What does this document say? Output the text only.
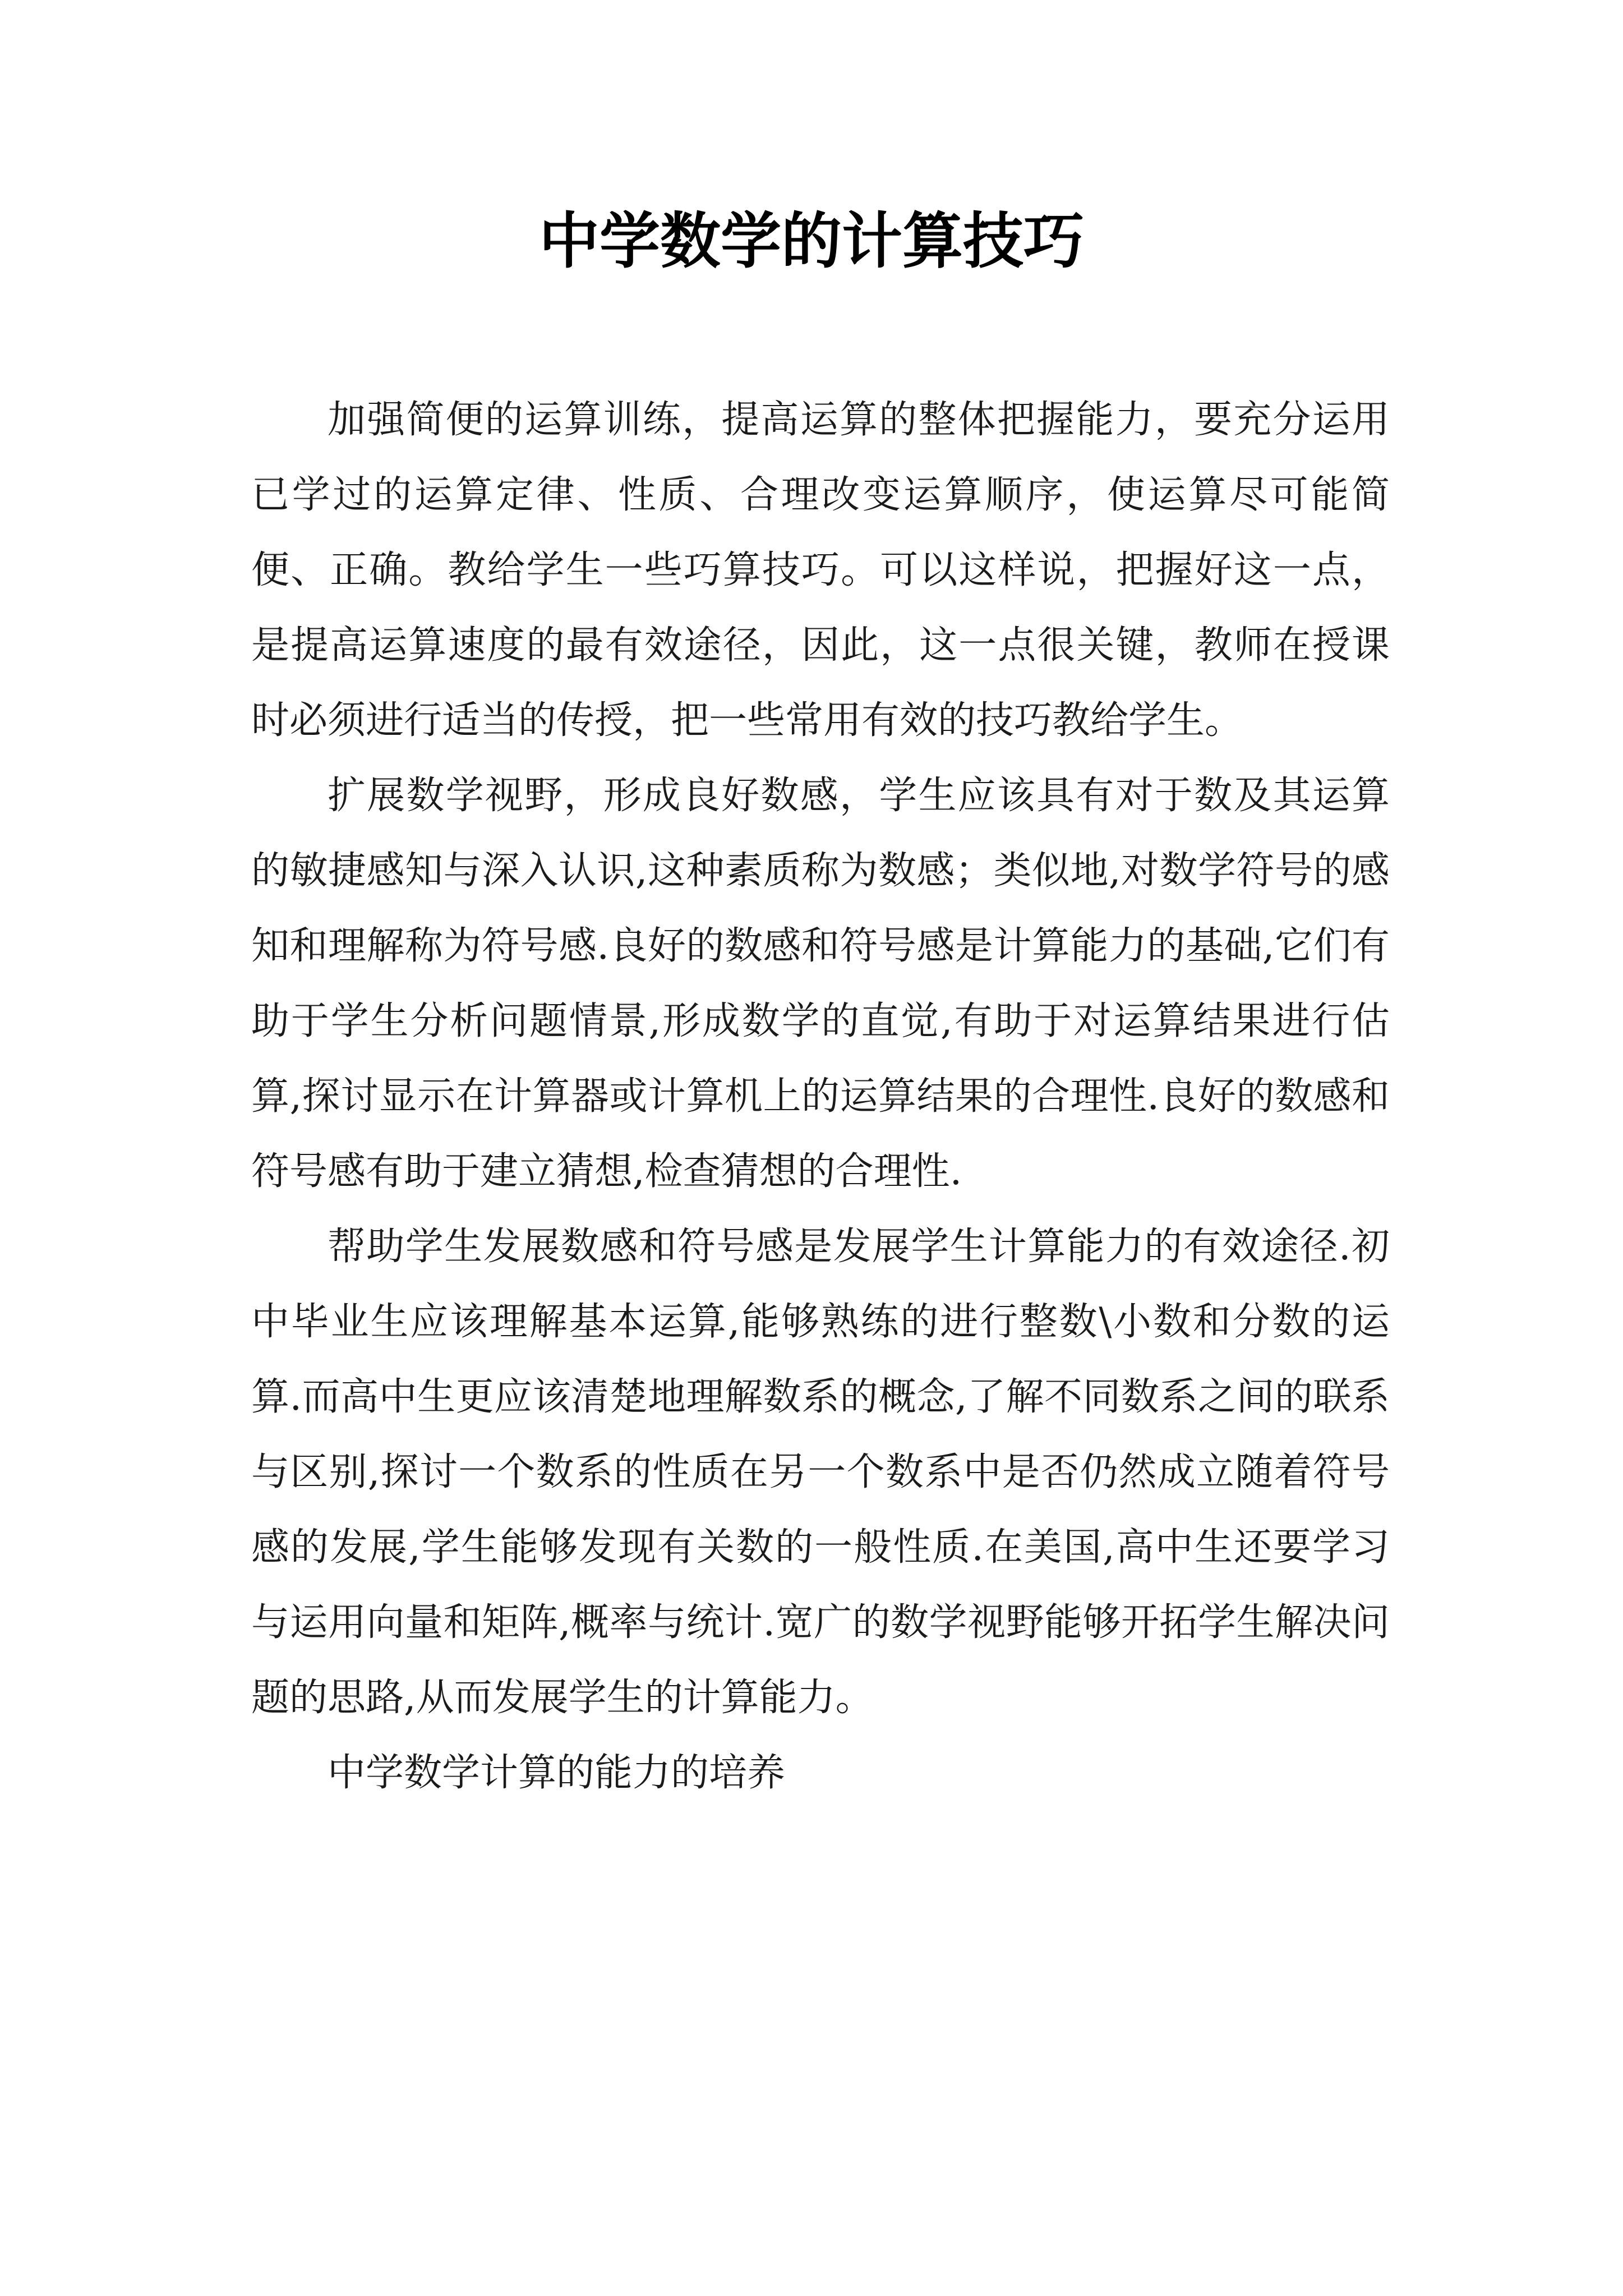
中学数学的计算技巧

加强简便的运算训练，提高运算的整体把握能力，要充分运用已学过的运算定律、性质、合理改变运算顺序，使运算尽可能简便、正确。教给学生一些巧算技巧。可以这样说，把握好这一点，是提高运算速度的最有效途径，因此，这一点很关键，教师在授课时必须进行适当的传授，把一些常用有效的技巧教给学生。

扩展数学视野，形成良好数感，学生应该具有对于数及其运算的敏捷感知与深入认识,这种素质称为数感；类似地,对数学符号的感知和理解称为符号感.良好的数感和符号感是计算能力的基础,它们有助于学生分析问题情景,形成数学的直觉,有助于对运算结果进行估算,探讨显示在计算器或计算机上的运算结果的合理性.良好的数感和符号感有助于建立猜想,检查猜想的合理性.

帮助学生发展数感和符号感是发展学生计算能力的有效途径.初中毕业生应该理解基本运算,能够熟练的进行整数\小数和分数的运算.而高中生更应该清楚地理解数系的概念,了解不同数系之间的联系与区别,探讨一个数系的性质在另一个数系中是否仍然成立随着符号感的发展,学生能够发现有关数的一般性质.在美国,高中生还要学习与运用向量和矩阵,概率与统计.宽广的数学视野能够开拓学生解决问题的思路,从而发展学生的计算能力。

中学数学计算的能力的培养
